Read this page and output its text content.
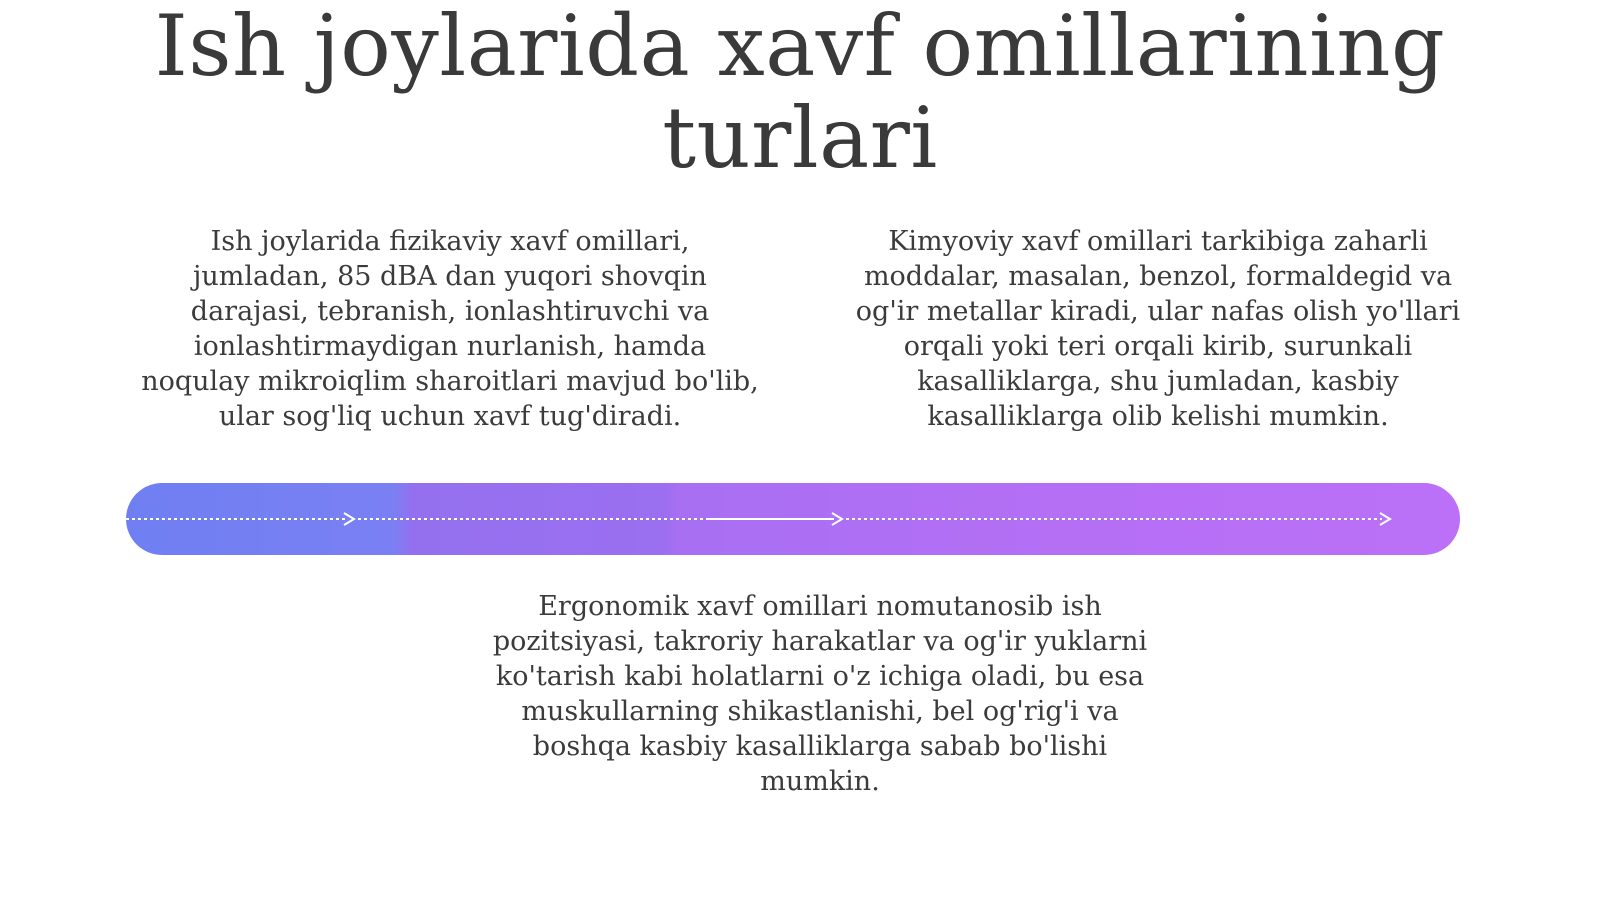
Ish joylarida xavf omillarining turlari

Ish joylarida fizikaviy xavf omillari, jumladan, 85 dBA dan yuqori shovqin darajasi, tebranish, ionlashtiruvchi va ionlashtirmaydigan nurlanish, hamda noqulay mikroiqlim sharoitlari mavjud bo'lib, ular sog'liq uchun xavf tug'diradi.

Kimyoviy xavf omillari tarkibiga zaharli moddalar, masalan, benzol, formaldegid va og'ir metallar kiradi, ular nafas olish yo'llari orqali yoki teri orqali kirib, surunkali kasalliklarga, shu jumladan, kasbiy kasalliklarga olib kelishi mumkin.

Ergonomik xavf omillari nomutanosib ish pozitsiyasi, takroriy harakatlar va og'ir yuklarni ko'tarish kabi holatlarni o'z ichiga oladi, bu esa muskullarning shikastlanishi, bel og'rig'i va boshqa kasbiy kasalliklarga sabab bo'lishi mumkin.
